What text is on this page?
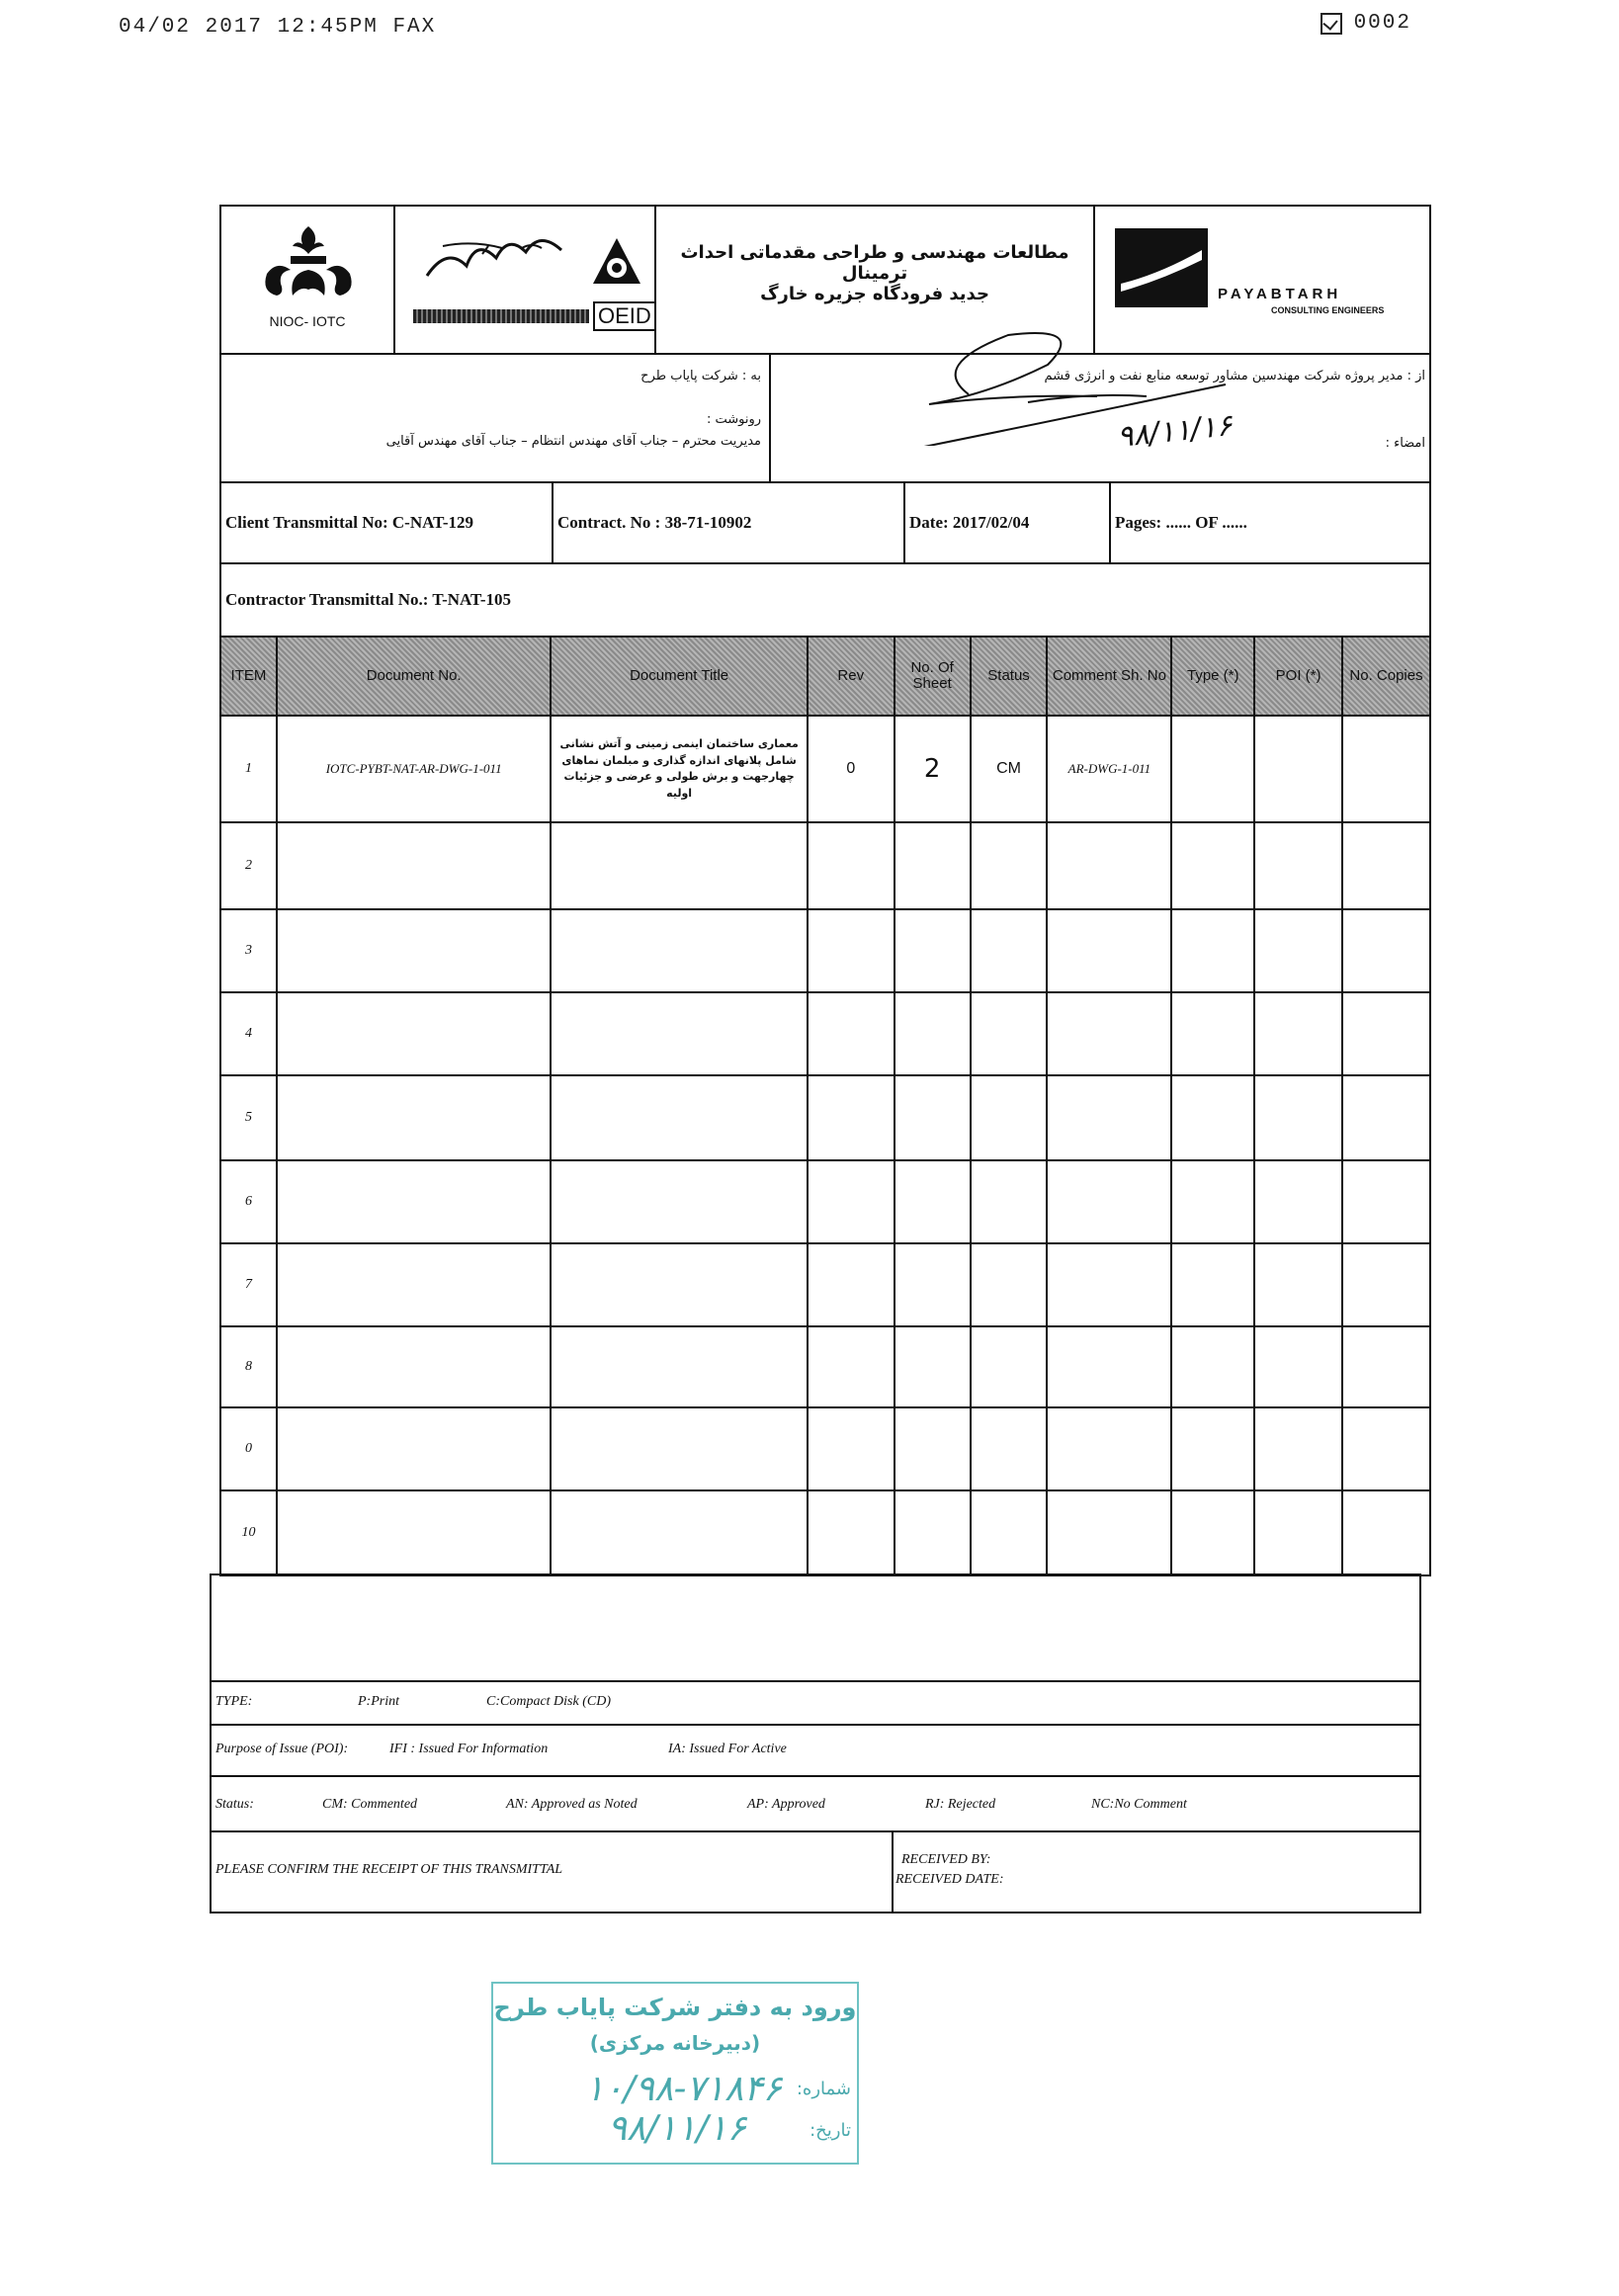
04/02 2017 12:45PM FAX	0002
NIOC- IOTC	OEID
مطالعات مهندسی و طراحی مقدماتی احداث ترمینال
جدید فرودگاه جزیره خارگ	PAYABTARH
CONSULTING ENGINEERS
به : شرکت پایاب طرح
رونوشت :
مدیریت محترم – جناب آقای مهندس انتظام – جناب آقای مهندس آقایی
از : مدیر پروژه شرکت مهندسین مشاور توسعه منابع نفت و انرژی قشم
امضاء :
۹۸/۱۱/۱۶
Client Transmittal No: C-NAT-129	Contract. No : 38-71-10902	Date: 2017/02/04	Pages: ...... OF ......
Contractor Transmittal No.: T-NAT-105
ITEM	Document No.	Document Title	Rev	No. Of Sheet	Status	Comment Sh. No	Type (*)	POI (*)	No. Copies

1	IOTC-PYBT-NAT-AR-DWG-1-011	معماری ساختمان اینمی زمینی و آتش نشانی شامل پلانهای اندازه گذاری و مبلمان نماهای چهارجهت و برش طولی و عرضی و جزئیات اولیه	0	2	CM	AR-DWG-1-011			

2									

3									

4									

5									

6									

7									

8									

0									

10									

TYPE:	P:Print	C:Compact Disk (CD)
Purpose of Issue (POI):	IFI : Issued For Information	IA: Issued For Active
Status:	CM: Commented	AN: Approved as Noted	AP: Approved	RJ: Rejected	NC:No Comment
PLEASE CONFIRM THE RECEIPT OF THIS TRANSMITTAL
RECEIVED BY:
RECEIVED DATE:
ورود به دفتر شرکت پایاب طرح
(دبیرخانه مرکزی)
شماره:
۱۰/۹۸-۷۱۸۴۶
تاریخ:
۹۸/۱۱/۱۶
